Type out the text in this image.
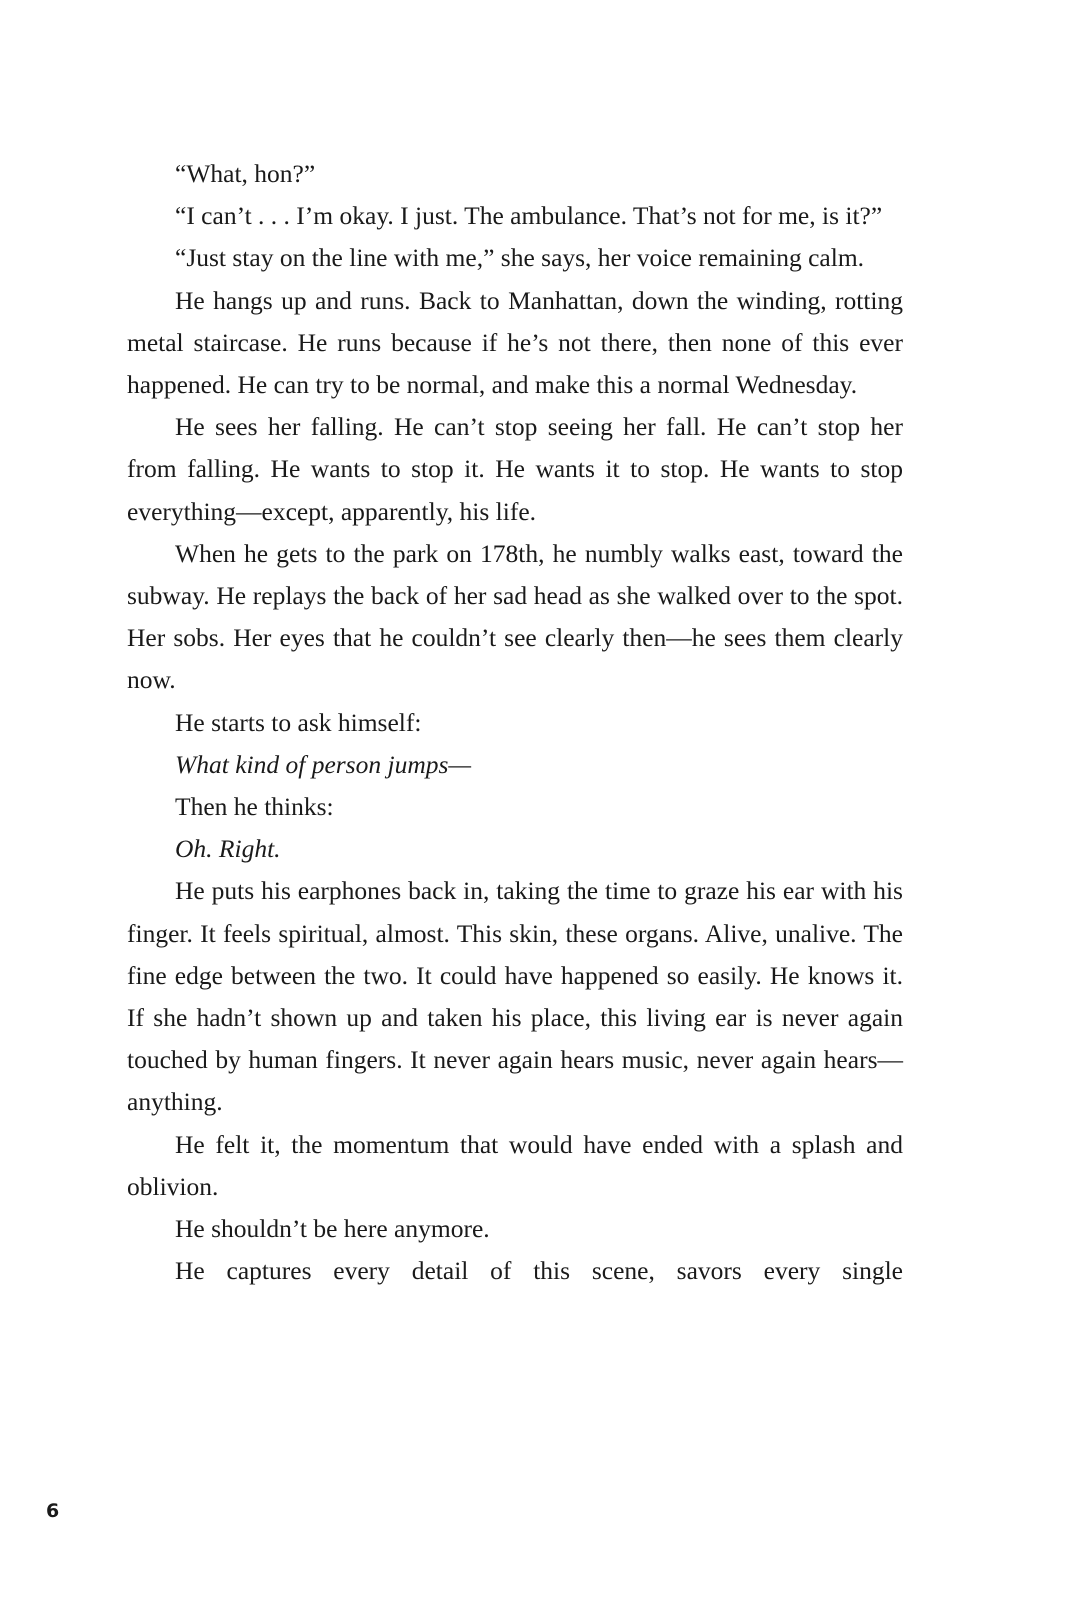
“What, hon?”

“I can’t . . . I’m okay. I just. The ambulance. That’s not for me, is it?”

“Just stay on the line with me,” she says, her voice remaining calm.

He hangs up and runs. Back to Manhattan, down the winding, rotting metal staircase. He runs because if he’s not there, then none of this ever happened. He can try to be normal, and make this a normal Wednesday.

He sees her falling. He can’t stop seeing her fall. He can’t stop her from falling. He wants to stop it. He wants it to stop. He wants to stop everything—except, apparently, his life.

When he gets to the park on 178th, he numbly walks east, toward the subway. He replays the back of her sad head as she walked over to the spot. Her sobs. Her eyes that he couldn’t see clearly then—he sees them clearly now.

He starts to ask himself:

What kind of person jumps—

Then he thinks:

Oh. Right.

He puts his earphones back in, taking the time to graze his ear with his finger. It feels spiritual, almost. This skin, these organs. Alive, unalive. The fine edge between the two. It could have happened so easily. He knows it. If she hadn’t shown up and taken his place, this living ear is never again touched by human fingers. It never again hears music, never again hears—anything.

He felt it, the momentum that would have ended with a splash and oblivion.

He shouldn’t be here anymore.

He captures every detail of this scene, savors every single

6
